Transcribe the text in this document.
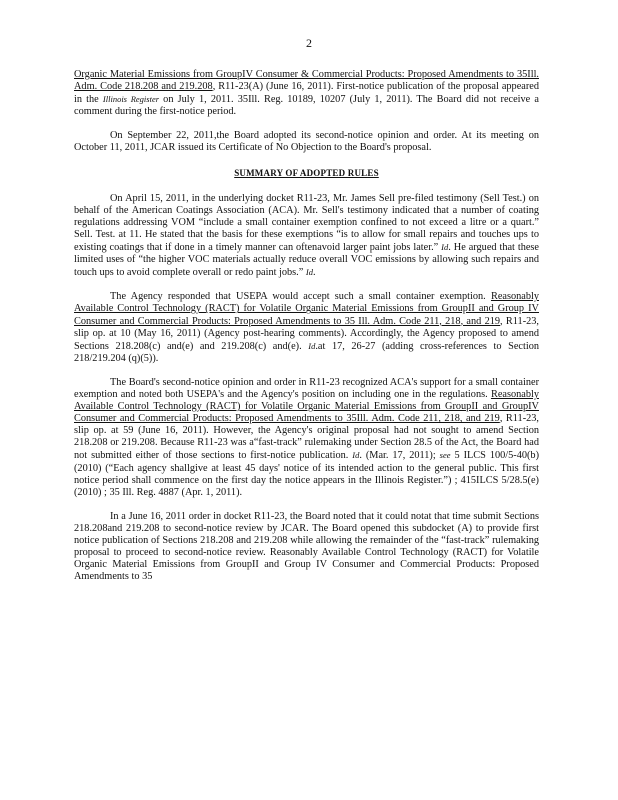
2

Organic Material Emissions from GroupIV Consumer & Commercial Products: Proposed Amendments to 35Ill. Adm. Code 218.208 and 219.208, R11-23(A) (June 16, 2011). First-notice publication of the proposal appeared in the Illinois Register on July 1, 2011. 35Ill. Reg. 10189, 10207 (July 1, 2011). The Board did not receive a comment during the first-notice period.

On September 22, 2011,the Board adopted its second-notice opinion and order. At its meeting on October 11, 2011, JCAR issued its Certificate of No Objection to the Board's proposal.

SUMMARY OF ADOPTED RULES

On April 15, 2011, in the underlying docket R11-23, Mr. James Sell pre-filed testimony (Sell Test.) on behalf of the American Coatings Association (ACA). Mr. Sell's testimony indicated that a number of coating regulations addressing VOM “include a small container exemption confined to not exceed a litre or a quart.” Sell. Test. at 11. He stated that the basis for these exemptions “is to allow for small repairs and touches ups to existing coatings that if done in a timely manner can oftenavoid larger paint jobs later.” Id. He argued that these limited uses of “the higher VOC materials actually reduce overall VOC emissions by allowing such repairs and touch ups to avoid complete overall or redo paint jobs.” Id.

The Agency responded that USEPA would accept such a small container exemption. Reasonably Available Control Technology (RACT) for Volatile Organic Material Emissions from GroupII and Group IV Consumer and Commercial Products: Proposed Amendments to 35 Ill. Adm. Code 211, 218, and 219, R11-23, slip op. at 10 (May 16, 2011) (Agency post-hearing comments). Accordingly, the Agency proposed to amend Sections 218.208(c) and(e) and 219.208(c) and(e). Id.at 17, 26-27 (adding cross-references to Section 218/219.204 (q)(5)).

The Board's second-notice opinion and order in R11-23 recognized ACA's support for a small container exemption and noted both USEPA's and the Agency's position on including one in the regulations. Reasonably Available Control Technology (RACT) for Volatile Organic Material Emissions from GroupII and GroupIV Consumer and Commercial Products: Proposed Amendments to 35Ill. Adm. Code 211, 218, and 219, R11-23, slip op. at 59 (June 16, 2011). However, the Agency's original proposal had not sought to amend Section 218.208 or 219.208. Because R11-23 was a“fast-track” rulemaking under Section 28.5 of the Act, the Board had not submitted either of those sections to first-notice publication. Id. (Mar. 17, 2011); see 5 ILCS 100/5-40(b) (2010) (“Each agency shallgive at least 45 days' notice of its intended action to the general public. This first notice period shall commence on the first day the notice appears in the Illinois Register.”) ; 415ILCS 5/28.5(e) (2010) ; 35 Ill. Reg. 4887 (Apr. 1, 2011).

In a June 16, 2011 order in docket R11-23, the Board noted that it could notat that time submit Sections 218.208and 219.208 to second-notice review by JCAR. The Board opened this subdocket (A) to provide first notice publication of Sections 218.208 and 219.208 while allowing the remainder of the “fast-track” rulemaking proposal to proceed to second-notice review. Reasonably Available Control Technology (RACT) for Volatile Organic Material Emissions from GroupII and Group IV Consumer and Commercial Products: Proposed Amendments to 35
